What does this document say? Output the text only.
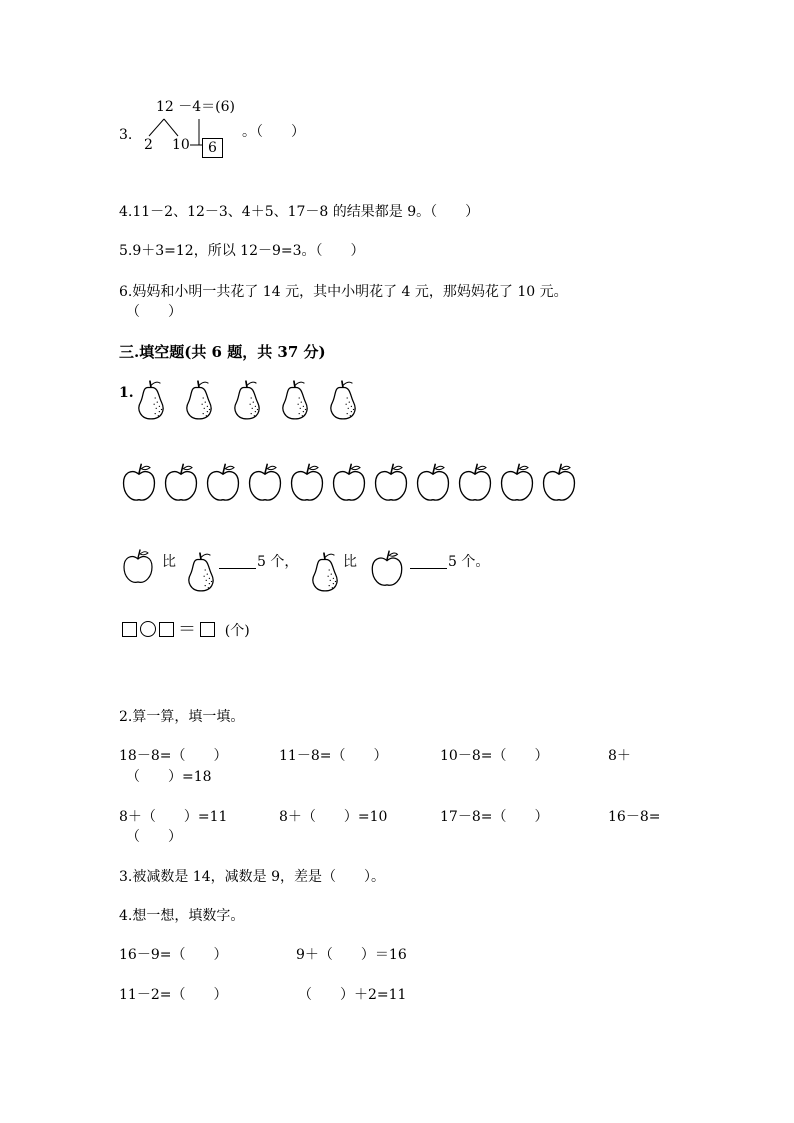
3.
12 －4＝(6)
2 10	6
。（　　）
4.11－2、12－3、4＋5、17－8 的结果都是 9。（　　）
5.9＋3=12，所以 12－9=3。（　　）
6.妈妈和小明一共花了 14 元，其中小明花了 4 元，那妈妈花了 10 元。
（　　）
三.填空题(共 6 题，共 37 分)
1.
比	5 个，	比	5 个。
＝ (个)
2.算一算，填一填。
18－8=（　　）	11－8=（　　）	10－8=（　　）	8＋
（　　）=18
8＋（　　）=11	8＋（　　）=10	17－8=（　　）	16－8=
（　　）
3.被减数是 14，减数是 9，差是（　　）。
4.想一想，填数字。
16－9=（　　）	9＋（　　）＝16
11－2=（　　）	（　　）＋2=11
